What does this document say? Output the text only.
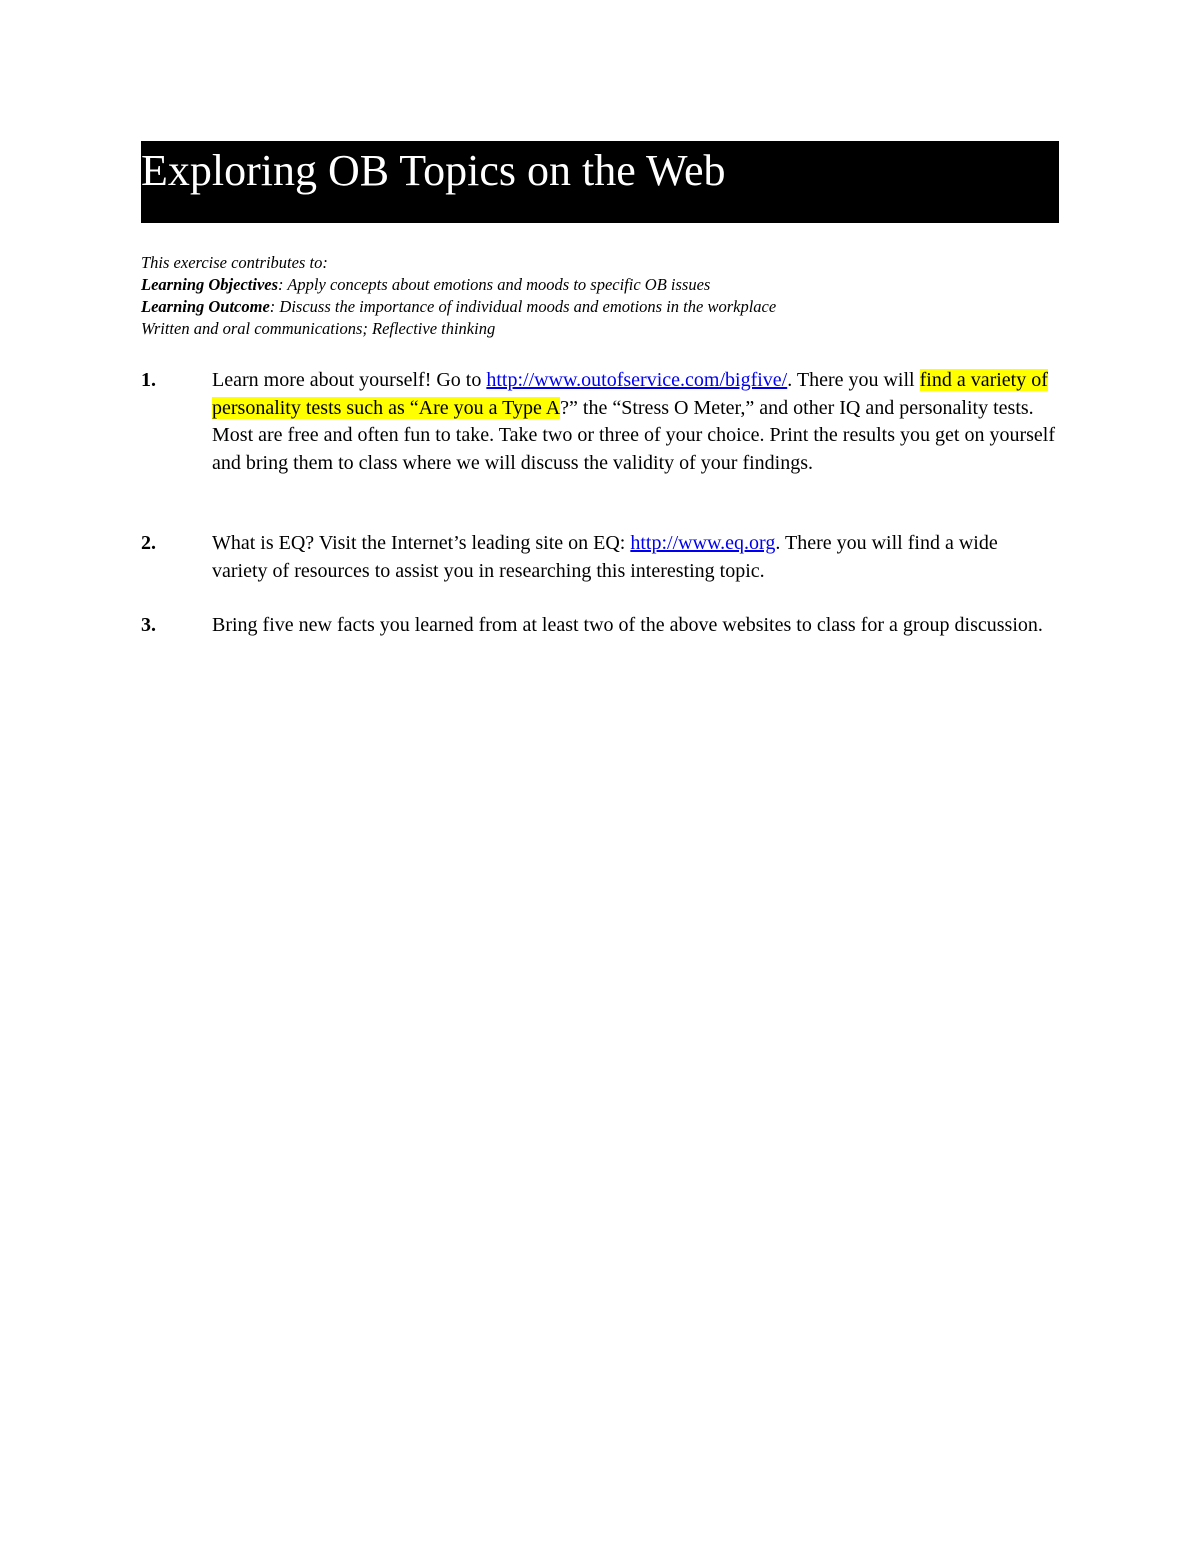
Exploring OB Topics on the Web
This exercise contributes to:
Learning Objectives: Apply concepts about emotions and moods to specific OB issues
Learning Outcome: Discuss the importance of individual moods and emotions in the workplace
Written and oral communications; Reflective thinking
1.	Learn more about yourself! Go to http://www.outofservice.com/bigfive/. There you will find a variety of personality tests such as “Are you a Type A?” the “Stress O Meter,” and other IQ and personality tests. Most are free and often fun to take. Take two or three of your choice. Print the results you get on yourself and bring them to class where we will discuss the validity of your findings.
2.	What is EQ? Visit the Internet’s leading site on EQ: http://www.eq.org. There you will find a wide variety of resources to assist you in researching this interesting topic.
3.	Bring five new facts you learned from at least two of the above websites to class for a group discussion.
